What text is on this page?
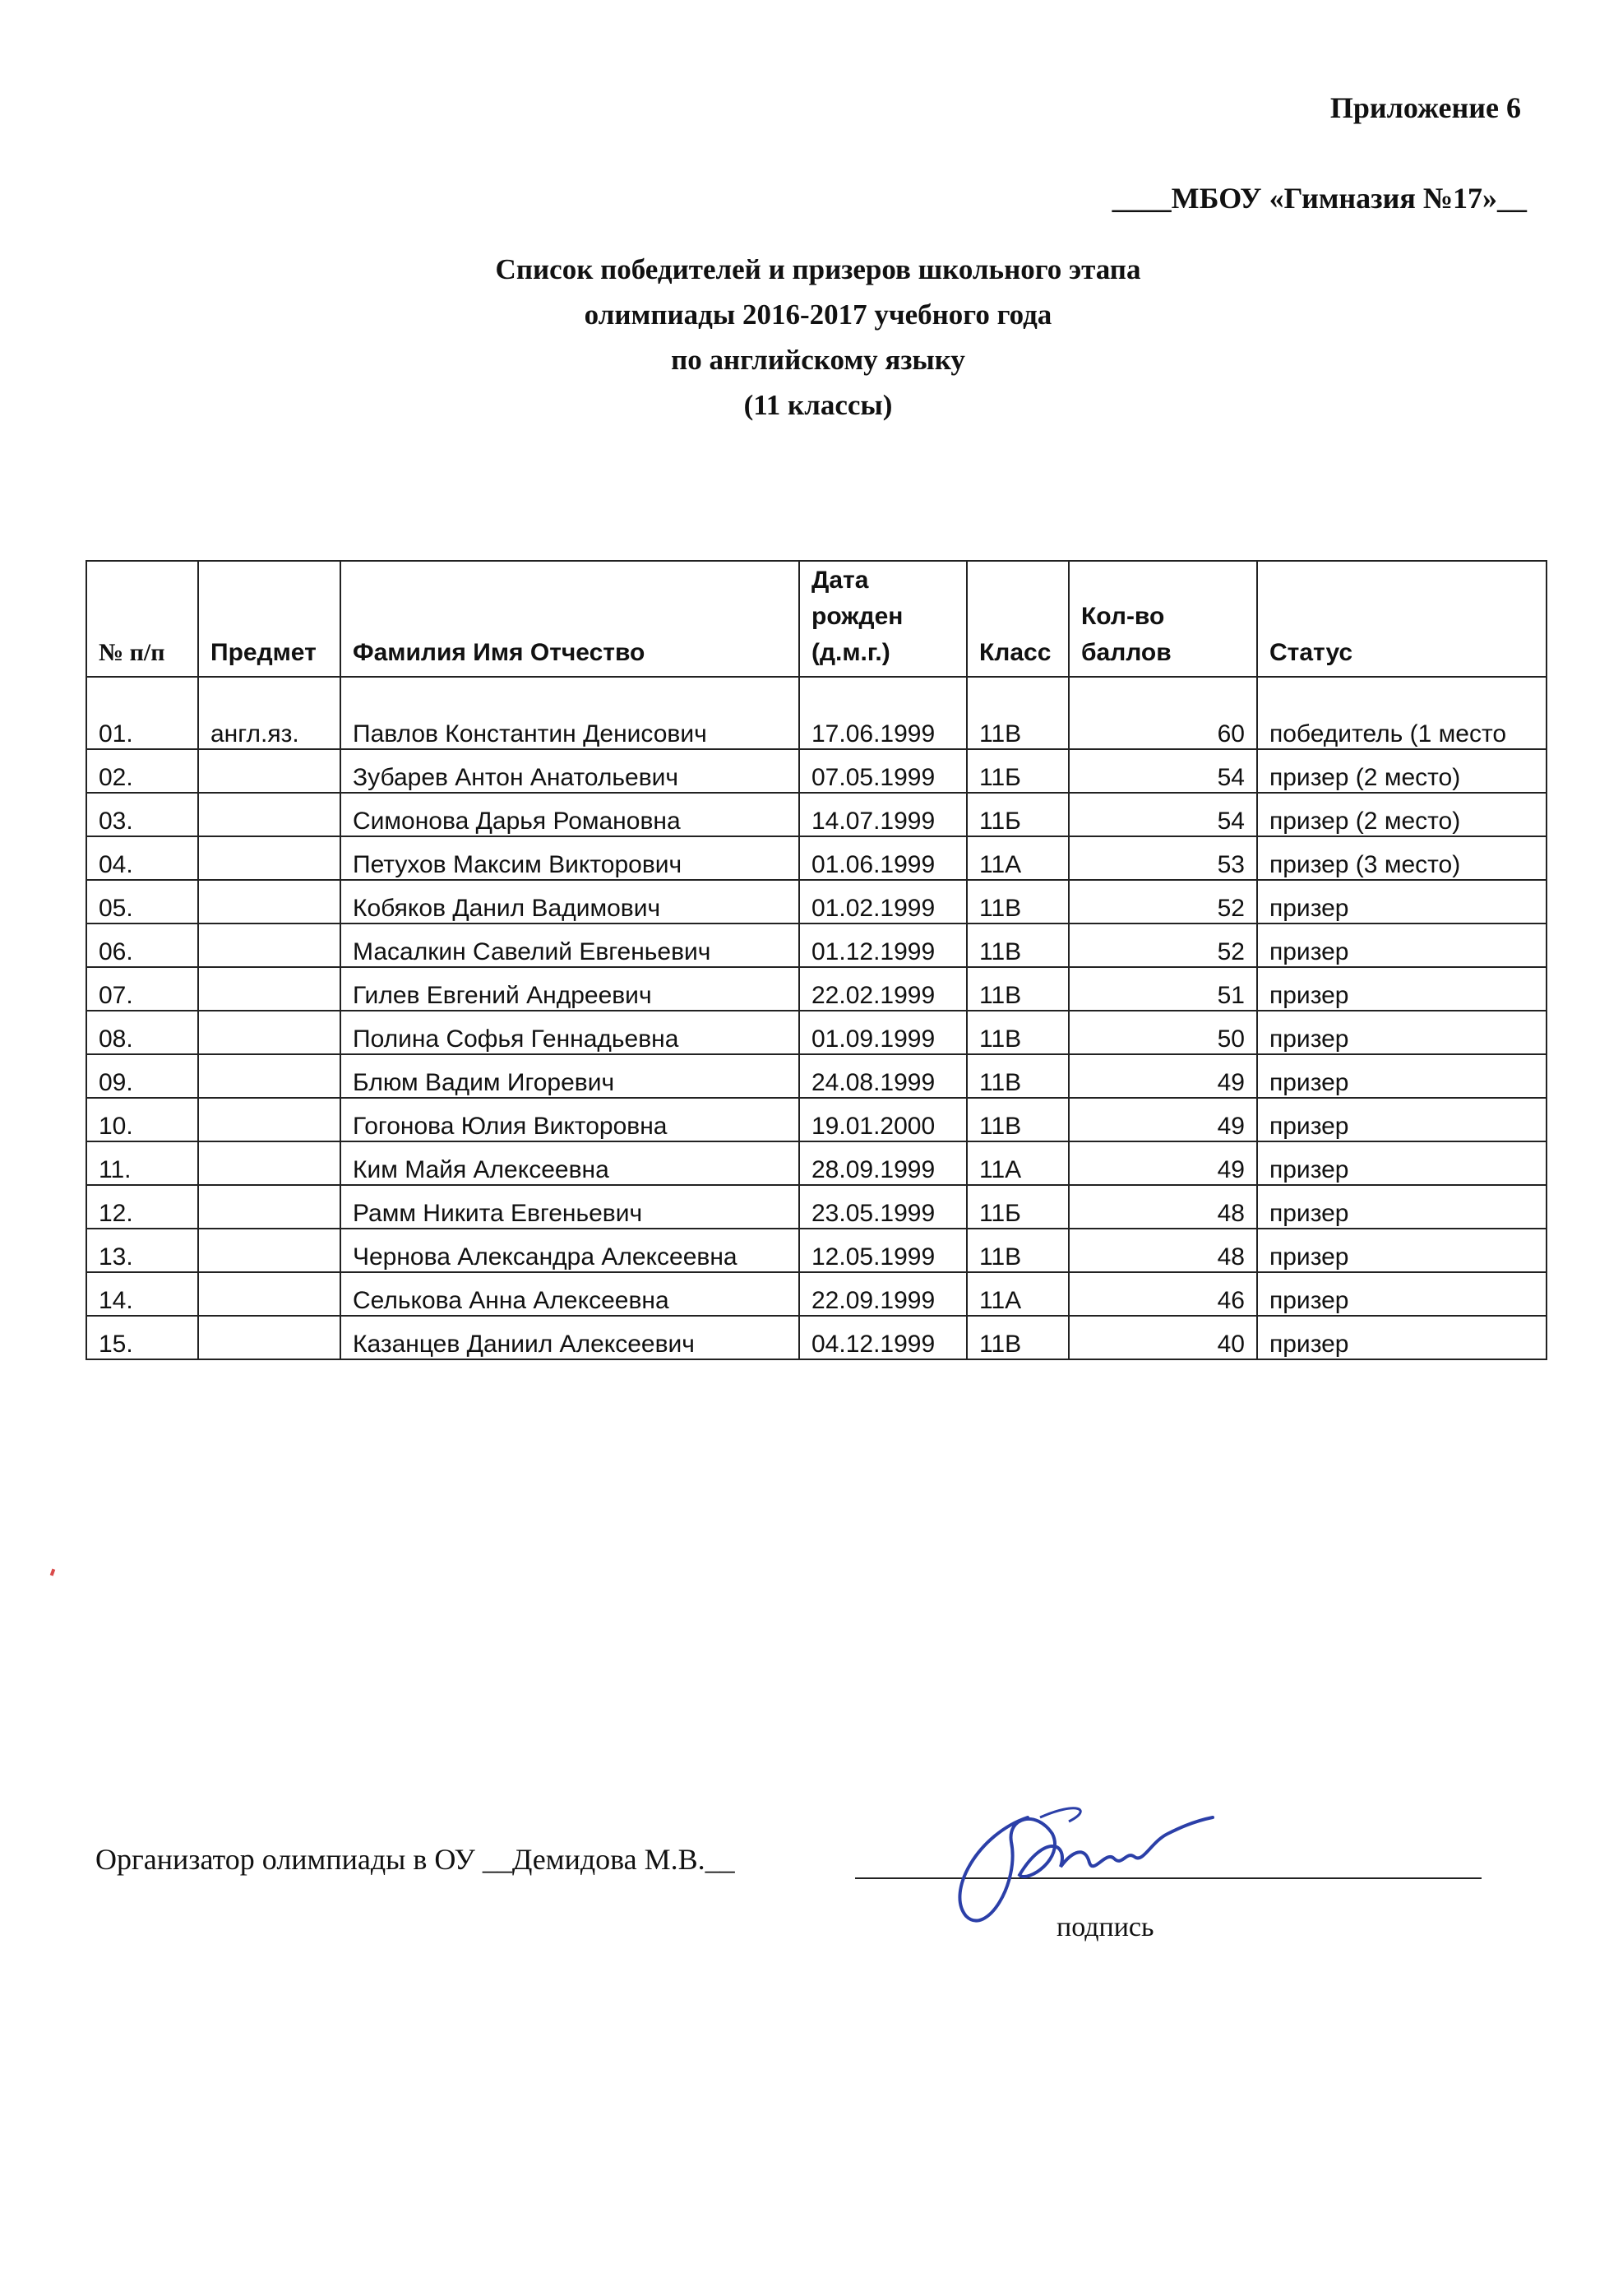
Приложение 6
____МБОУ «Гимназия №17»__
Список победителей и призеров школьного этапа
олимпиады 2016-2017 учебного года
по английскому языку
(11 классы)
№ п/п	Предмет	Фамилия Имя Отчество	Дата рожден (д.м.г.)	Класс	Кол-во баллов	Статус
01.	англ.яз.	Павлов Константин Денисович	17.06.1999	11В	60	победитель (1 место
02.		Зубарев Антон Анатольевич	07.05.1999	11Б	54	призер (2 место)
03.		Симонова Дарья Романовна	14.07.1999	11Б	54	призер (2 место)
04.		Петухов Максим Викторович	01.06.1999	11А	53	призер (3 место)
05.		Кобяков Данил Вадимович	01.02.1999	11В	52	призер
06.		Масалкин Савелий Евгеньевич	01.12.1999	11В	52	призер
07.		Гилев Евгений Андреевич	22.02.1999	11В	51	призер
08.		Полина Софья Геннадьевна	01.09.1999	11В	50	призер
09.		Блюм Вадим Игоревич	24.08.1999	11В	49	призер
10.		Гогонова Юлия Викторовна	19.01.2000	11В	49	призер
11.		Ким Майя Алексеевна	28.09.1999	11А	49	призер
12.		Рамм Никита Евгеньевич	23.05.1999	11Б	48	призер
13.		Чернова Александра Алексеевна	12.05.1999	11В	48	призер
14.		Селькова Анна Алексеевна	22.09.1999	11А	46	призер
15.		Казанцев Даниил Алексеевич	04.12.1999	11В	40	призер
Организатор олимпиады в ОУ __Демидова М.В.__
подпись
